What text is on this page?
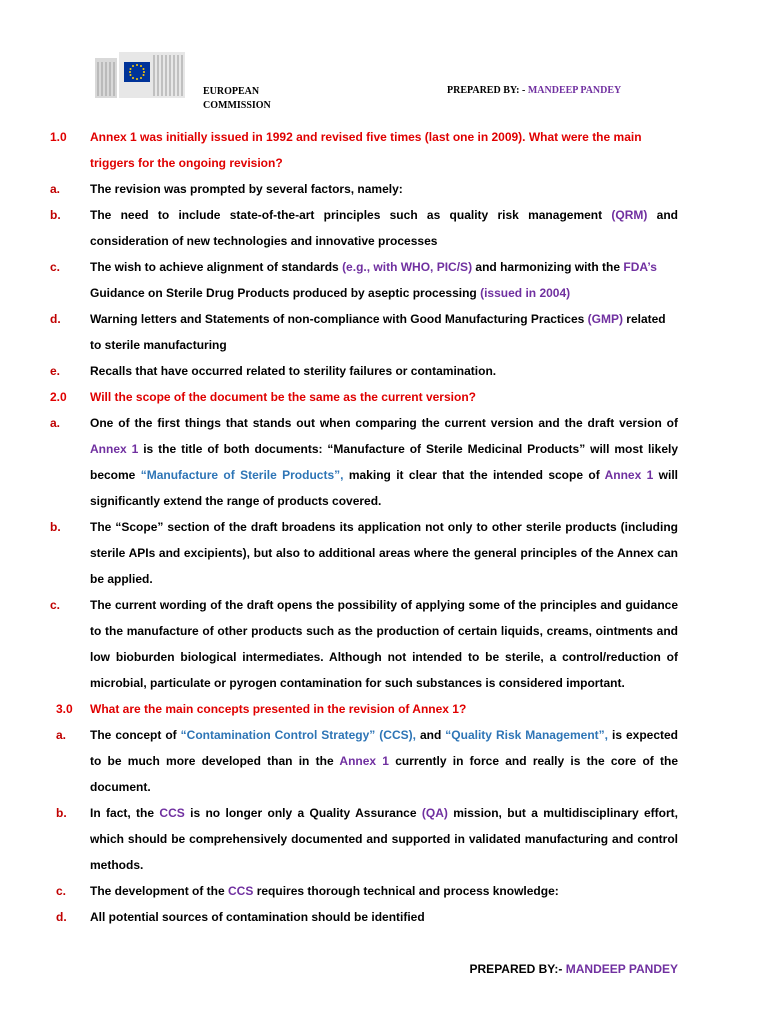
EUROPEAN
COMMISSION
PREPARED BY: - MANDEEP PANDEY
1.0 Annex 1 was initially issued in 1992 and revised five times (last one in 2009). What were the main triggers for the ongoing revision?
a. The revision was prompted by several factors, namely:
b. The need to include state-of-the-art principles such as quality risk management (QRM) and consideration of new technologies and innovative processes
c. The wish to achieve alignment of standards (e.g., with WHO, PIC/S) and harmonizing with the FDA’s Guidance on Sterile Drug Products produced by aseptic processing (issued in 2004)
d. Warning letters and Statements of non-compliance with Good Manufacturing Practices (GMP) related to sterile manufacturing
e. Recalls that have occurred related to sterility failures or contamination.
2.0 Will the scope of the document be the same as the current version?
a. One of the first things that stands out when comparing the current version and the draft version of Annex 1 is the title of both documents: “Manufacture of Sterile Medicinal Products” will most likely become “Manufacture of Sterile Products”, making it clear that the intended scope of Annex 1 will significantly extend the range of products covered.
b. The “Scope” section of the draft broadens its application not only to other sterile products (including sterile APIs and excipients), but also to additional areas where the general principles of the Annex can be applied.
c. The current wording of the draft opens the possibility of applying some of the principles and guidance to the manufacture of other products such as the production of certain liquids, creams, ointments and low bioburden biological intermediates. Although not intended to be sterile, a control/reduction of microbial, particulate or pyrogen contamination for such substances is considered important.
3.0 What are the main concepts presented in the revision of Annex 1?
a. The concept of “Contamination Control Strategy” (CCS), and “Quality Risk Management”, is expected to be much more developed than in the Annex 1 currently in force and really is the core of the document.
b. In fact, the CCS is no longer only a Quality Assurance (QA) mission, but a multidisciplinary effort, which should be comprehensively documented and supported in validated manufacturing and control methods.
c. The development of the CCS requires thorough technical and process knowledge:
d. All potential sources of contamination should be identified
PREPARED BY:- MANDEEP PANDEY
